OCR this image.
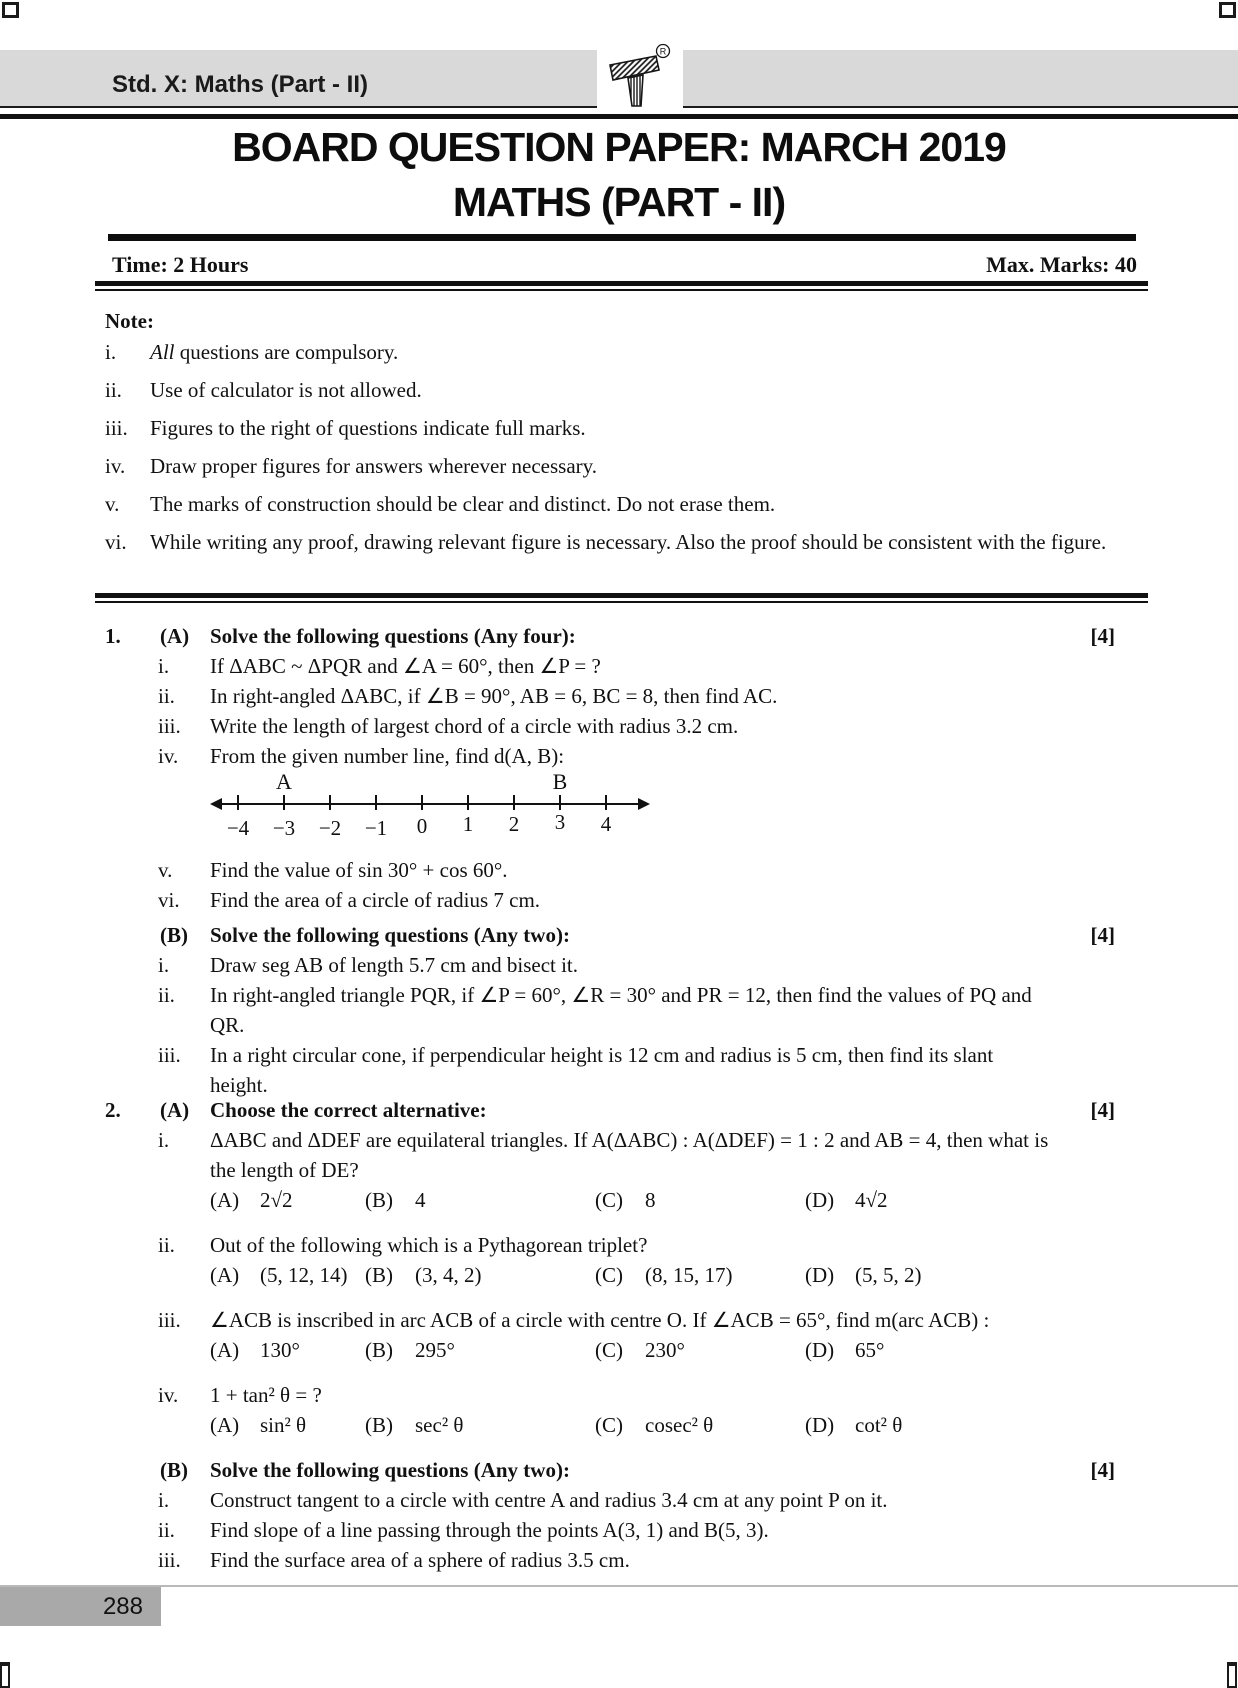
Std. X: Maths (Part - II)
R
BOARD QUESTION PAPER: MARCH 2019
MATHS (PART - II)
Time: 2 Hours	Max. Marks: 40
Note:
i.	All questions are compulsory.
ii.	Use of calculator is not allowed.
iii.	Figures to the right of questions indicate full marks.
iv.	Draw proper figures for answers wherever necessary.
v.	The marks of construction should be clear and distinct. Do not erase them.
vi.	While writing any proof, drawing relevant figure is necessary. Also the proof should be consistent with the figure.
1.	(A) Solve the following questions (Any four):	[4]
i.	If ΔABC ~ ΔPQR and ∠A = 60°, then ∠P = ?
ii.	In right-angled ΔABC, if ∠B = 90°, AB = 6, BC = 8, then find AC.
iii.	Write the length of largest chord of a circle with radius 3.2 cm.
iv.	From the given number line, find d(A, B):
A	B
−4 −3 −2 −1 0 1 2 3 4
v.	Find the value of sin 30° + cos 60°.
vi.	Find the area of a circle of radius 7 cm.
(B)	Solve the following questions (Any two):	[4]
i.	Draw seg AB of length 5.7 cm and bisect it.
ii.	In right-angled triangle PQR, if ∠P = 60°, ∠R = 30° and PR = 12, then find the values of PQ and QR.
iii.	In a right circular cone, if perpendicular height is 12 cm and radius is 5 cm, then find its slant height.
2.	(A) Choose the correct alternative:	[4]
i.	ΔABC and ΔDEF are equilateral triangles. If A(ΔABC) : A(ΔDEF) = 1 : 2 and AB = 4, then what is the length of DE?
(A) 2√2	(B)	4	(C)	8	(D) 4√2
ii.	Out of the following which is a Pythagorean triplet?
(A) (5, 12, 14) (B)	(3, 4, 2)	(C)	(8, 15, 17)	(D) (5, 5, 2)
iii.	∠ACB is inscribed in arc ACB of a circle with centre O. If ∠ACB = 65°, find m(arc ACB) :
(A) 130°	(B)	295°	(C)	230°	(D) 65°
iv.	1 + tan² θ = ?
(A) sin² θ	(B)	sec² θ	(C)	cosec² θ	(D) cot² θ
(B)	Solve the following questions (Any two):	[4]
i.	Construct tangent to a circle with centre A and radius 3.4 cm at any point P on it.
ii.	Find slope of a line passing through the points A(3, 1) and B(5, 3).
iii.	Find the surface area of a sphere of radius 3.5 cm.
288
